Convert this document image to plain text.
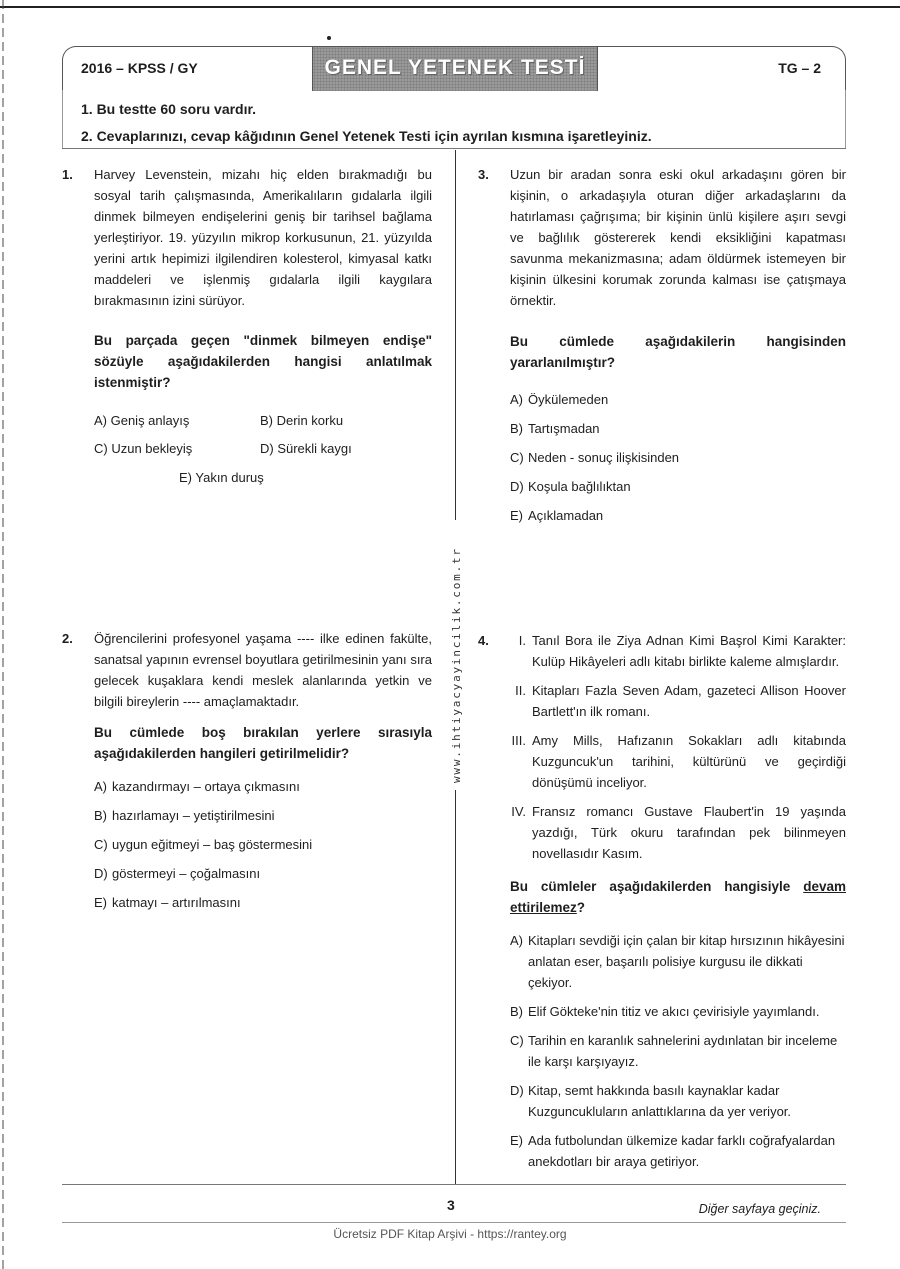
2016 – KPSS / GY	GENEL YETENEK TESTİ	TG – 2
1. Bu testte 60 soru vardır.
2. Cevaplarınızı, cevap kâğıdının Genel Yetenek Testi için ayrılan kısmına işaretleyiniz.
www.ihtiyacyayincilik.com.tr
1. Harvey Levenstein, mizahı hiç elden bırakmadığı bu sosyal tarih çalışmasında, Amerikalıların gıdalarla ilgili dinmek bilmeyen endişelerini geniş bir tarihsel bağlama yerleştiriyor. 19. yüzyılın mikrop korkusunun, 21. yüzyılda yerini artık hepimizi ilgilendiren kolesterol, kimyasal katkı maddeleri ve işlenmiş gıdalarla ilgili kaygılara bırakmasının izini sürüyor.

Bu parçada geçen "dinmek bilmeyen endişe" sözüyle aşağıdakilerden hangisi anlatılmak istenmiştir?

A) Geniş anlayış	B) Derin korku
C) Uzun bekleyiş	D) Sürekli kaygı
E) Yakın duruş
3. Uzun bir aradan sonra eski okul arkadaşını gören bir kişinin, o arkadaşıyla oturan diğer arkadaşlarını da hatırlaması çağrışıma; bir kişinin ünlü kişilere aşırı sevgi ve bağlılık göstererek kendi eksikliğini kapatması savunma mekanizmasına; adam öldürmek istemeyen bir kişinin ülkesini korumak zorunda kalması ise çatışmaya örnektir.

Bu cümlede aşağıdakilerin hangisinden yararlanılmıştır?

A) Öykülemeden
B) Tartışmadan
C) Neden - sonuç ilişkisinden
D) Koşula bağlılıktan
E) Açıklamadan
2. Öğrencilerini profesyonel yaşama ---- ilke edinen fakülte, sanatsal yapının evrensel boyutlara getirilmesinin yanı sıra gelecek kuşaklara kendi meslek alanlarında yetkin ve bilgili bireylerin ---- amaçlamaktadır.

Bu cümlede boş bırakılan yerlere sırasıyla aşağıdakilerden hangileri getirilmelidir?

A) kazandırmayı – ortaya çıkmasını
B) hazırlamayı – yetiştirilmesini
C) uygun eğitmeyi – baş göstermesini
D) göstermeyi – çoğalmasını
E) katmayı – artırılmasını
4.	I. Tanıl Bora ile Ziya Adnan Kimi Başrol Kimi Karakter: Kulüp Hikâyeleri adlı kitabı birlikte kaleme almışlardır.
II. Kitapları Fazla Seven Adam, gazeteci Allison Hoover Bartlett'ın ilk romanı.
III. Amy Mills, Hafızanın Sokakları adlı kitabında Kuzguncuk'un tarihini, kültürünü ve geçirdiği dönüşümü inceliyor.
IV. Fransız romancı Gustave Flaubert'in 19 yaşında yazdığı, Türk okuru tarafından pek bilinmeyen novellasıdır Kasım.

Bu cümleler aşağıdakilerden hangisiyle devam ettirilemez?

A) Kitapları sevdiği için çalan bir kitap hırsızının hikâyesini anlatan eser, başarılı polisiye kurgusu ile dikkati çekiyor.
B) Elif Gökteke'nin titiz ve akıcı çevirisiyle yayımlandı.
C) Tarihin en karanlık sahnelerini aydınlatan bir inceleme ile karşı karşıyayız.
D) Kitap, semt hakkında basılı kaynaklar kadar Kuzguncukluların anlattıklarına da yer veriyor.
E) Ada futbolundan ülkemize kadar farklı coğrafyalardan anekdotları bir araya getiriyor.
3	Diğer sayfaya geçiniz.
Ücretsiz PDF Kitap Arşivi - https://rantey.org
